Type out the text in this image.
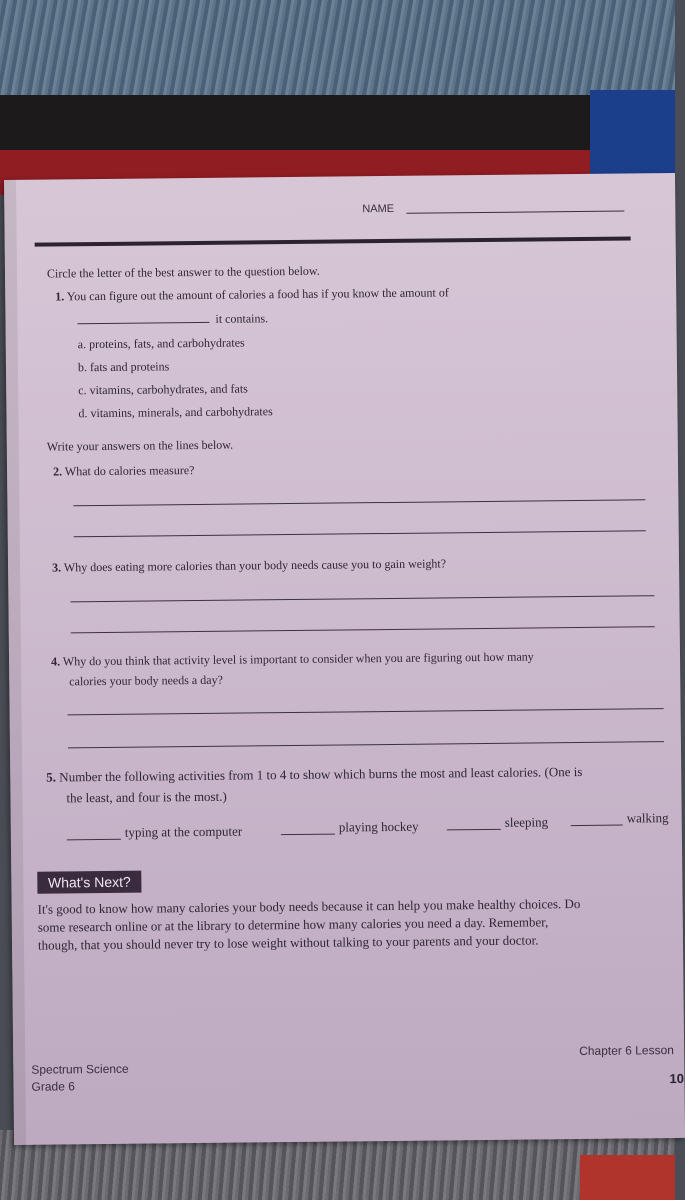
NAME
Circle the letter of the best answer to the question below.
1. You can figure out the amount of calories a food has if you know the amount of
it contains.
a. proteins, fats, and carbohydrates
b. fats and proteins
c. vitamins, carbohydrates, and fats
d. vitamins, minerals, and carbohydrates
Write your answers on the lines below.
2. What do calories measure?
3. Why does eating more calories than your body needs cause you to gain weight?
4. Why do you think that activity level is important to consider when you are figuring out how many
calories your body needs a day?
5. Number the following activities from 1 to 4 to show which burns the most and least calories. (One is
the least, and four is the most.)
typing at the computer	playing hockey	sleeping	walking
What's Next?
It's good to know how many calories your body needs because it can help you make healthy choices. Do
some research online or at the library to determine how many calories you need a day. Remember,
though, that you should never try to lose weight without talking to your parents and your doctor.
Spectrum Science
Grade 6
Chapter 6 Lesson
10
